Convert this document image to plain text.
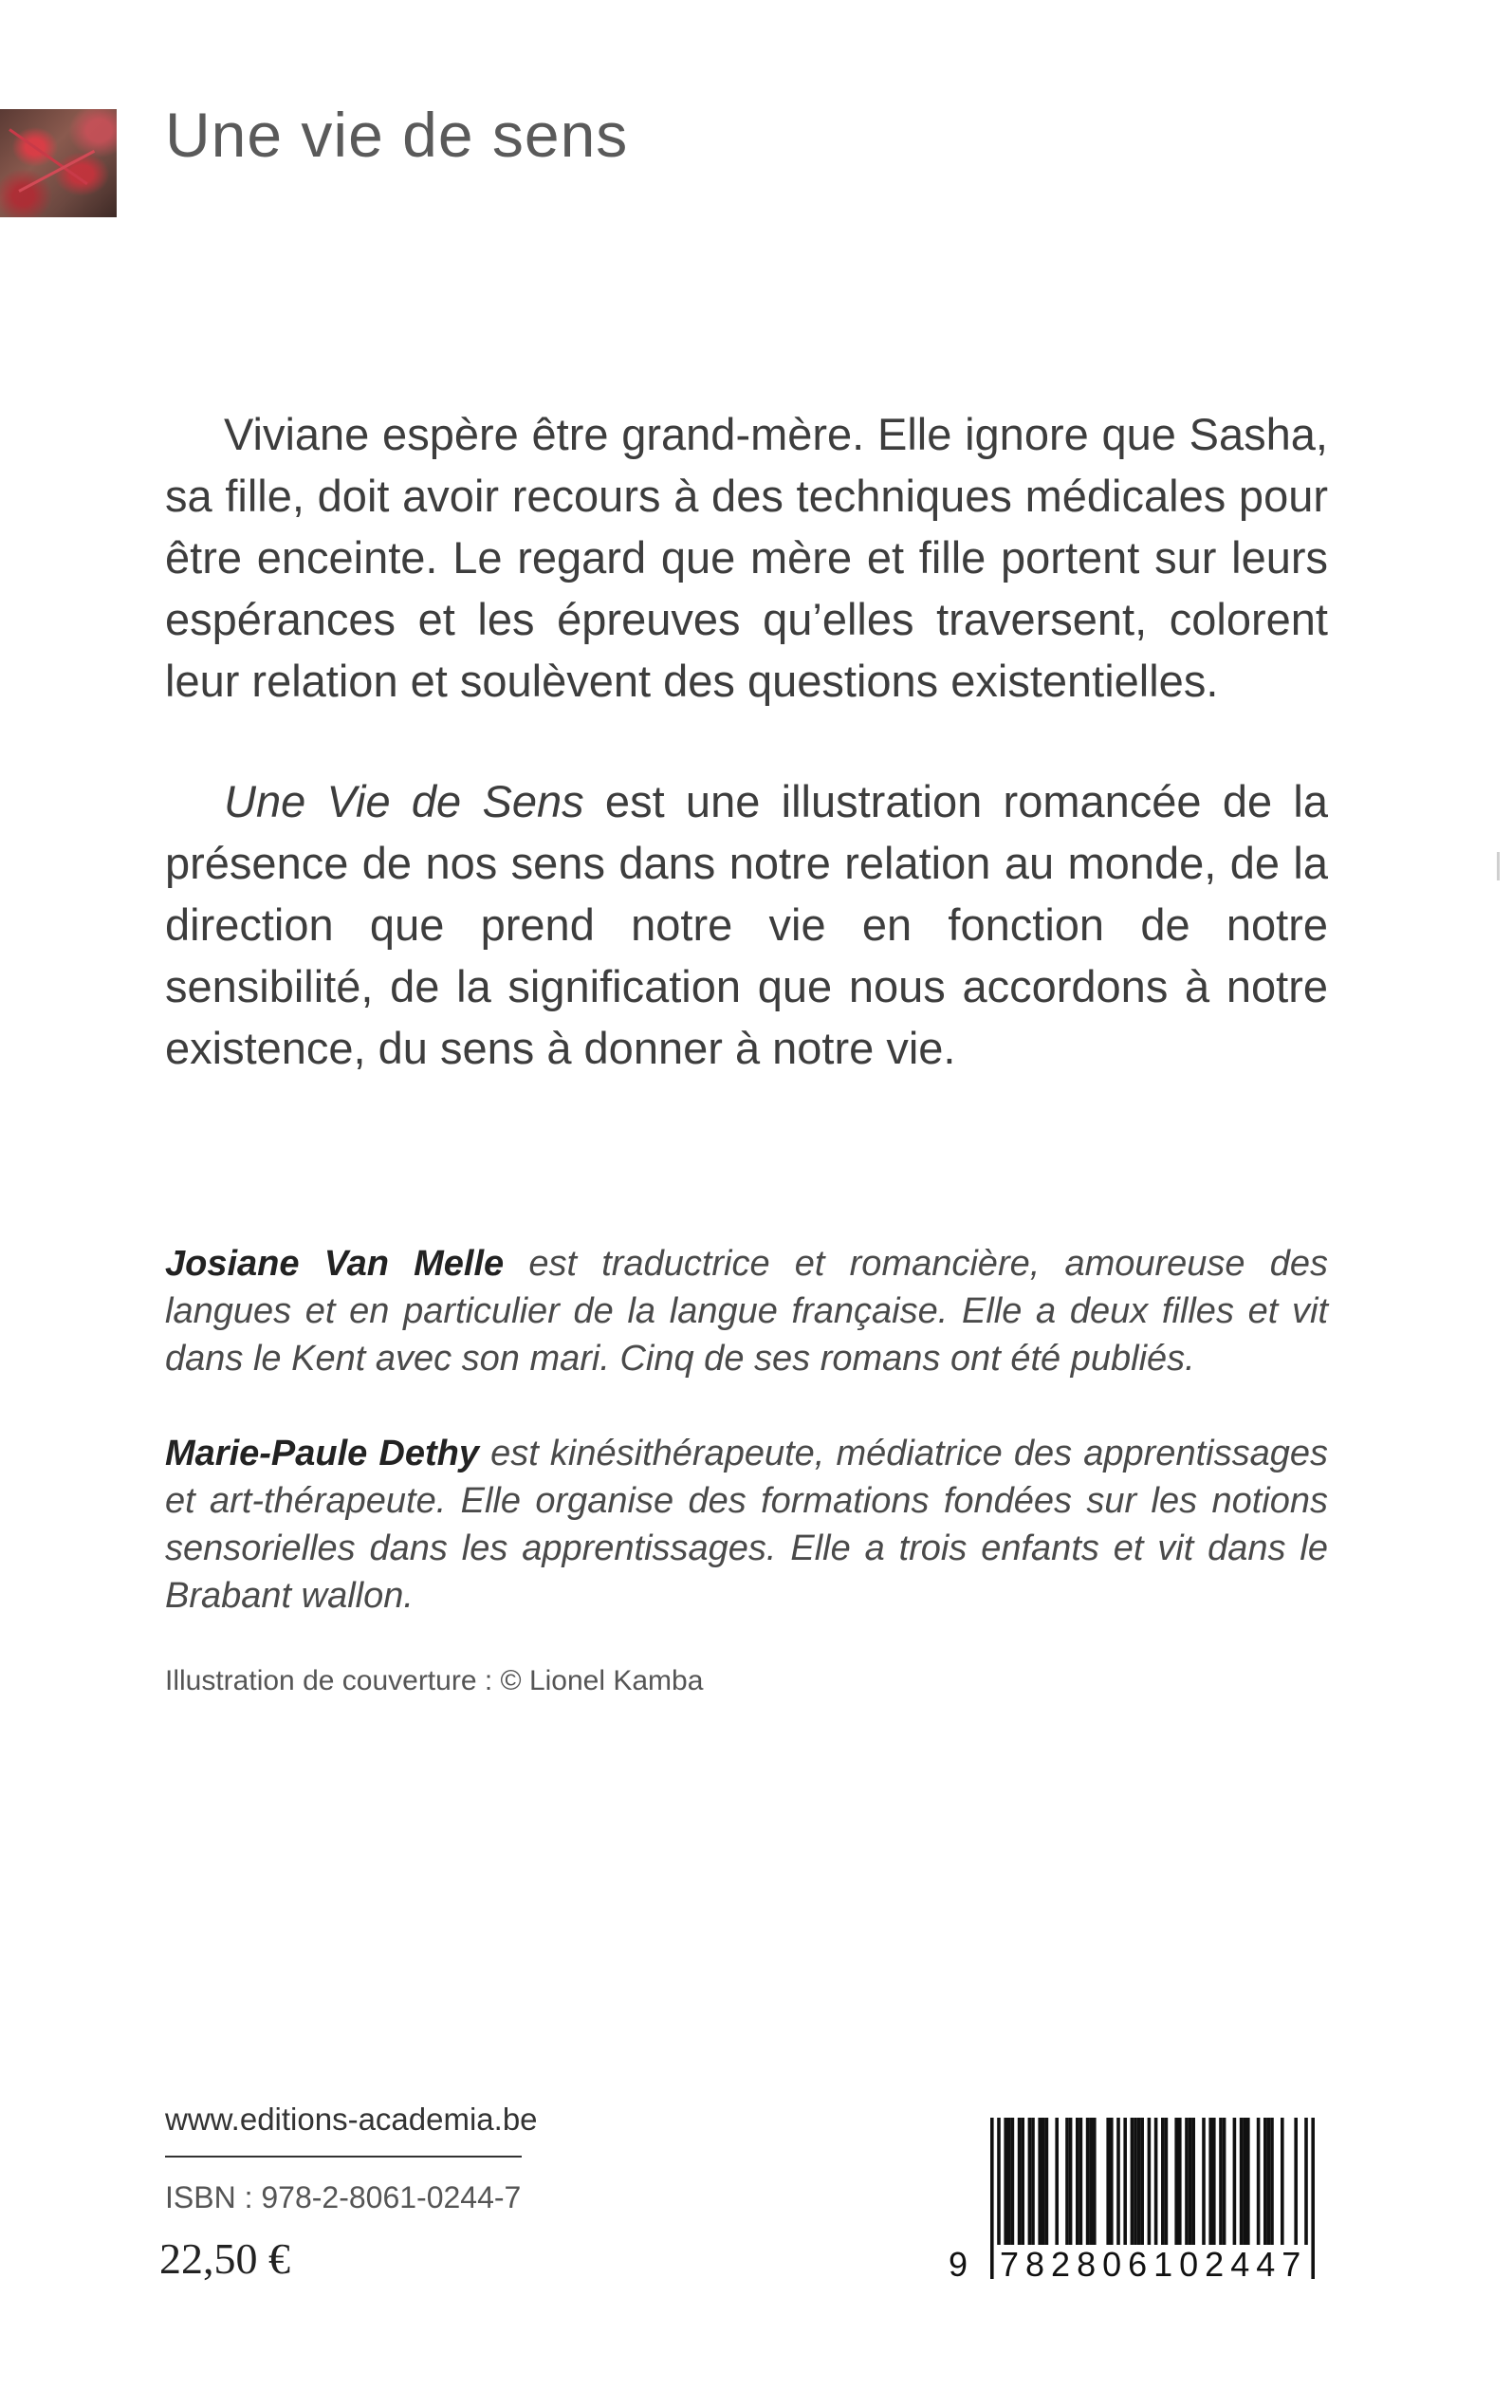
Une vie de sens

Viviane espère être grand-mère. Elle ignore que Sasha, sa fille, doit avoir recours à des techniques médicales pour être enceinte. Le regard que mère et fille portent sur leurs espérances et les épreuves qu’elles traversent, colorent leur relation et soulèvent des questions existentielles.

Une Vie de Sens est une illustration romancée de la présence de nos sens dans notre relation au monde, de la direction que prend notre vie en fonction de notre sensibilité, de la signification que nous accordons à notre existence, du sens à donner à notre vie.

Josiane Van Melle est traductrice et romancière, amoureuse des langues et en particulier de la langue française. Elle a deux filles et vit dans le Kent avec son mari. Cinq de ses romans ont été publiés.

Marie-Paule Dethy est kinésithérapeute, médiatrice des apprentissages et art-thérapeute. Elle organise des formations fondées sur les notions sensorielles dans les apprentissages. Elle a trois enfants et vit dans le Brabant wallon.

Illustration de couverture : © Lionel Kamba
www.editions-academia.be
ISBN : 978-2-8061-0244-7
22,50 €	9 782806102447
